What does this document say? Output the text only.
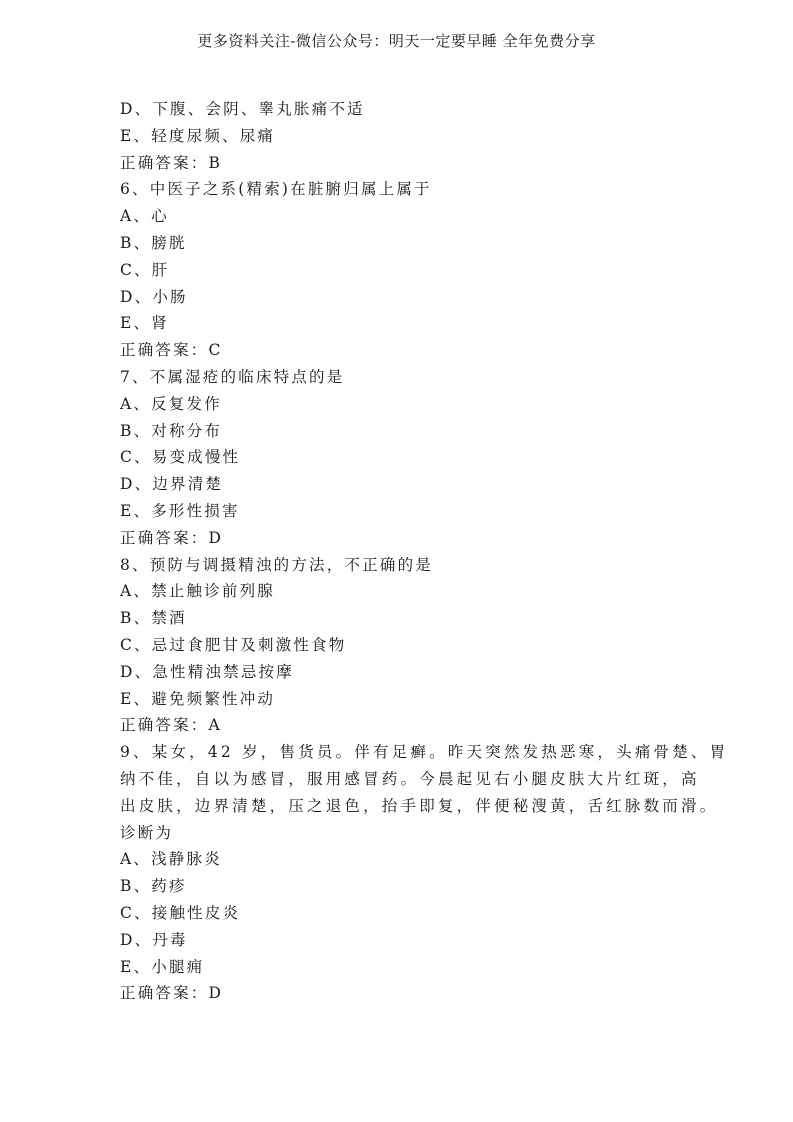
更多资料关注-微信公众号：明天一定要早睡 全年免费分享
D、下腹、会阴、睾丸胀痛不适
E、轻度尿频、尿痛
正确答案：B
6、中医子之系(精索)在脏腑归属上属于
A、心
B、膀胱
C、肝
D、小肠
E、肾
正确答案：C
7、不属湿疮的临床特点的是
A、反复发作
B、对称分布
C、易变成慢性
D、边界清楚
E、多形性损害
正确答案：D
8、预防与调摄精浊的方法，不正确的是
A、禁止触诊前列腺
B、禁酒
C、忌过食肥甘及刺激性食物
D、急性精浊禁忌按摩
E、避免频繁性冲动
正确答案：A
9、某女，42 岁，售货员。伴有足癣。昨天突然发热恶寒，头痛骨楚、胃
纳不佳，自以为感冒，服用感冒药。今晨起见右小腿皮肤大片红斑，高
出皮肤，边界清楚，压之退色，抬手即复，伴便秘溲黄，舌红脉数而滑。
诊断为
A、浅静脉炎
B、药疹
C、接触性皮炎
D、丹毒
E、小腿痈
正确答案：D
